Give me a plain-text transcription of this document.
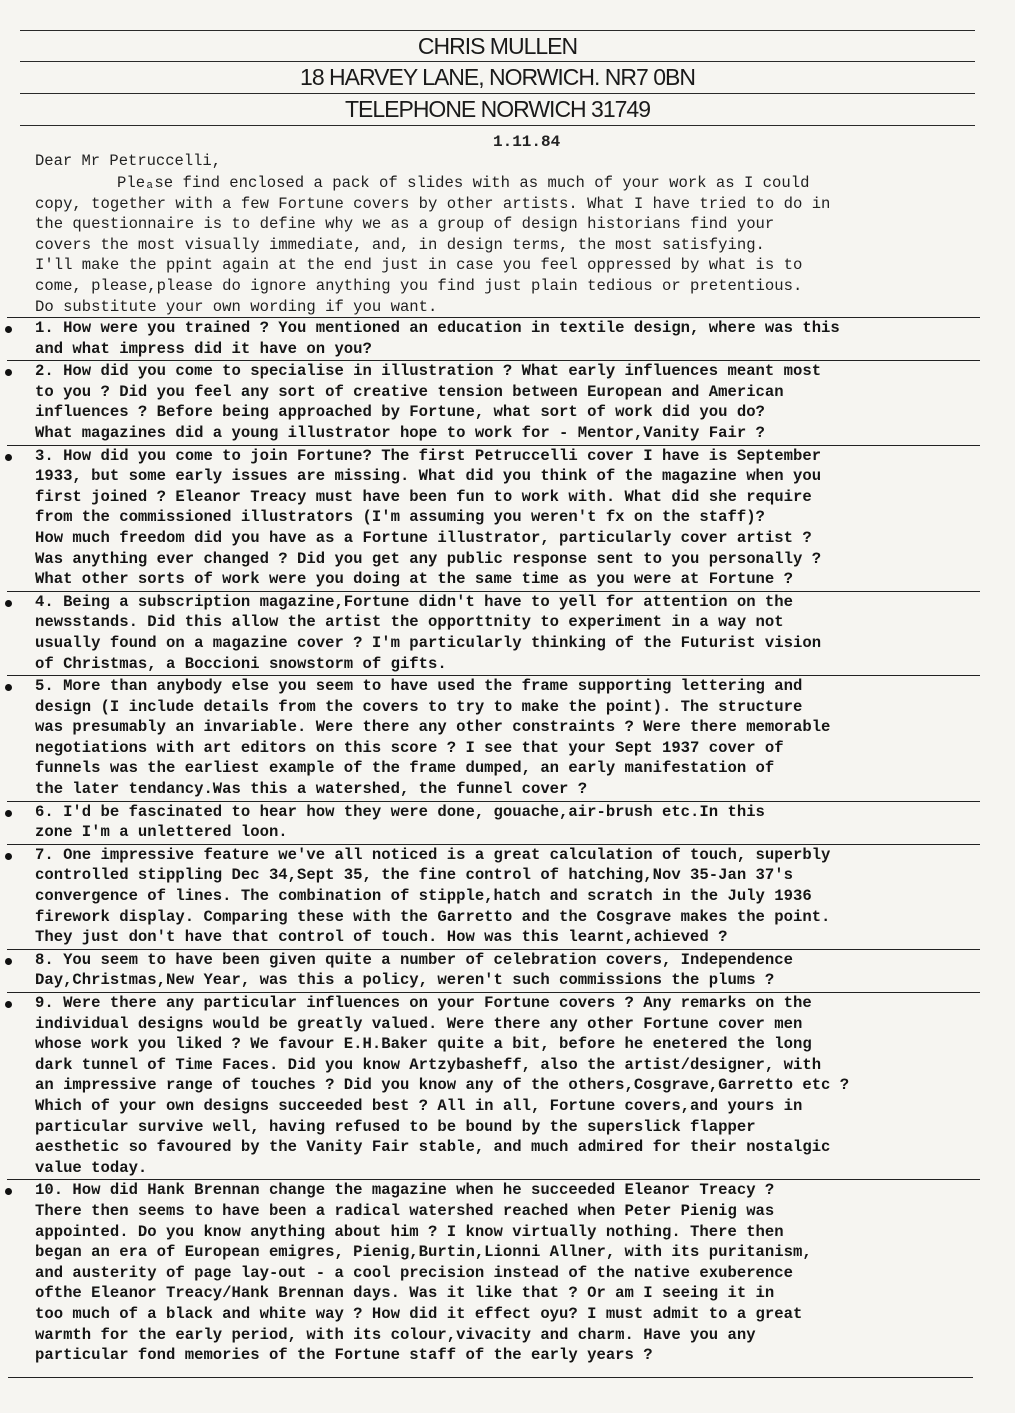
CHRIS MULLEN
18 HARVEY LANE, NORWICH. NR7 0BN
TELEPHONE NORWICH 31749
1.11.84
Dear Mr Petruccelli,
Pleₐse find enclosed a pack of slides with as much of your work as I could
copy, together with a few Fortune covers by other artists. What I have tried to do in
the questionnaire is to define why we as a group of design historians find your
covers the most visually immediate, and, in design terms, the most satisfying.
I'll make the ppint again at the end just in case you feel oppressed by what is to
come, please,please do ignore anything you find just plain tedious or pretentious.
Do substitute your own wording if you want.
1. How were you trained ? You mentioned an education in textile design, where was this
and what impress did it have on you?
2. How did you come to specialise in illustration ? What early influences meant most
to you ? Did you feel any sort of creative tension between European and American
influences ? Before being approached by Fortune, what sort of work did you do?
What magazines did a young illustrator hope to work for - Mentor,Vanity Fair ?
3. How did you come to join Fortune? The first Petruccelli cover I have is September
1933, but some early issues are missing. What did you think of the magazine when you
first joined ? Eleanor Treacy must have been fun to work with. What did she require
from the commissioned illustrators (I'm assuming you weren't fx on the staff)?
How much freedom did you have as a Fortune illustrator, particularly cover artist ?
Was anything ever changed ? Did you get any public response sent to you personally ?
What other sorts of work were you doing at the same time as you were at Fortune ?
4. Being a subscription magazine,Fortune didn't have to yell for attention on the
newsstands. Did this allow the artist the opporttnity to experiment in a way not
usually found on a magazine cover ? I'm particularly thinking of the Futurist vision
of Christmas, a Boccioni snowstorm of gifts.
5. More than anybody else you seem to have used the frame supporting lettering and
design (I include details from the covers to try to make the point). The structure
was presumably an invariable. Were there any other constraints ? Were there memorable
negotiations with art editors on this score ? I see that your Sept 1937 cover of
funnels was the earliest example of the frame dumped, an early manifestation of
the later tendancy.Was this a watershed, the funnel cover ?
6. I'd be fascinated to hear how they were done, gouache,air-brush etc.In this
zone I'm a unlettered loon.
7. One impressive feature we've all noticed is a great calculation of touch, superbly
controlled stippling Dec 34,Sept 35, the fine control of hatching,Nov 35-Jan 37's
convergence of lines. The combination of stipple,hatch and scratch in the July 1936
firework display. Comparing these with the Garretto and the Cosgrave makes the point.
They just don't have that control of touch. How was this learnt,achieved ?
8. You seem to have been given quite a number of celebration covers, Independence
Day,Christmas,New Year, was this a policy, weren't such commissions the plums ?
9. Were there any particular influences on your Fortune covers ? Any remarks on the
individual designs would be greatly valued. Were there any other Fortune cover men
whose work you liked ? We favour E.H.Baker quite a bit, before he enetered the long
dark tunnel of Time Faces. Did you know Artzybasheff, also the artist/designer, with
an impressive range of touches ? Did you know any of the others,Cosgrave,Garretto etc ?
Which of your own designs succeeded best ? All in all, Fortune covers,and yours in
particular survive well, having refused to be bound by the superslick flapper
aesthetic so favoured by the Vanity Fair stable, and much admired for their nostalgic
value today.
10. How did Hank Brennan change the magazine when he succeeded Eleanor Treacy ?
There then seems to have been a radical watershed reached when Peter Pienig was
appointed. Do you know anything about him ? I know virtually nothing. There then
began an era of European emigres, Pienig,Burtin,Lionni Allner, with its puritanism,
and austerity of page lay-out - a cool precision instead of the native exuberence
ofthe Eleanor Treacy/Hank Brennan days. Was it like that ? Or am I seeing it in
too much of a black and white way ? How did it effect oyu? I must admit to a great
warmth for the early period, with its colour,vivacity and charm. Have you any
particular fond memories of the Fortune staff of the early years ?
